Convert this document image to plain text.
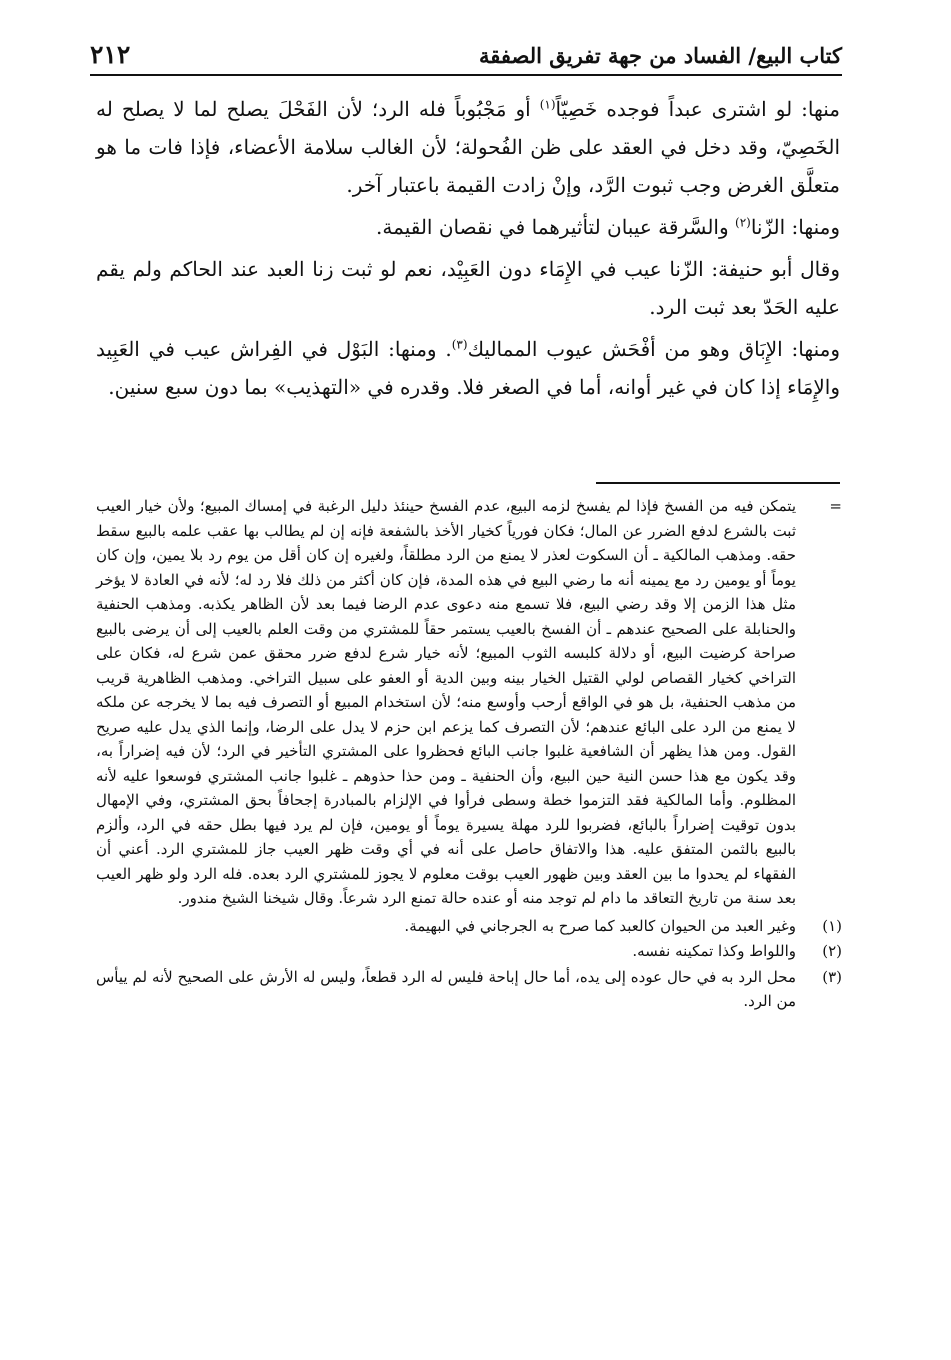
كتاب البيع/ الفساد من جهة تفريق الصفقة
٢١٢

منها: لو اشترى عبداً فوجده خَصِيّاً$^{(١)}$ أو مَجْبُوباً فله الرد؛ لأن الفَحْلَ يصلح لما لا يصلح له الخَصِيّ، وقد دخل في العقد على ظن الفُحولة؛ لأن الغالب سلامة الأعضاء، فإذا فات ما هو متعلَّق الغرض وجب ثبوت الرَّد، وإنْ زادت القيمة باعتبار آخر.

ومنها: الزّنا$^{(٢)}$ والسَّرقة عيبان لتأثيرهما في نقصان القيمة.

وقال أبو حنيفة: الزّنا عيب في الإِمَاء دون العَبِيْد، نعم لو ثبت زنا العبد عند الحاكم ولم يقم عليه الحَدّ بعد ثبت الرد.

ومنها: الإِبَاق وهو من أفْحَش عيوب المماليك$^{(٣)}$. ومنها: البَوْل في الفِراش عيب في العَبِيد والإِمَاء إذا كان في غير أوانه، أما في الصغر فلا. وقدره في «التهذيب» بما دون سبع سنين.

=
يتمكن فيه من الفسخ فإذا لم يفسخ لزمه البيع، عدم الفسخ حينئذ دليل الرغبة في إمساك المبيع؛ ولأن خيار العيب ثبت بالشرع لدفع الضرر عن المال؛ فكان فورياً كخيار الأخذ بالشفعة فإنه إن لم يطالب بها عقب علمه بالبيع سقط حقه. ومذهب المالكية ـ أن السكوت لعذر لا يمنع من الرد مطلقاً، ولغيره إن كان أقل من يوم رد بلا يمين، وإن كان يوماً أو يومين رد مع يمينه أنه ما رضي البيع في هذه المدة، فإن كان أكثر من ذلك فلا رد له؛ لأنه في العادة لا يؤخر مثل هذا الزمن إلا وقد رضي البيع، فلا تسمع منه دعوى عدم الرضا فيما بعد لأن الظاهر يكذبه. ومذهب الحنفية والحنابلة على الصحيح عندهم ـ أن الفسخ بالعيب يستمر حقاً للمشتري من وقت العلم بالعيب إلى أن يرضى بالبيع صراحة كرضيت البيع، أو دلالة كلبسه الثوب المبيع؛ لأنه خيار شرع لدفع ضرر محقق عمن شرع له، فكان على التراخي كخيار القصاص لولي القتيل الخيار بينه وبين الدية أو العفو على سبيل التراخي. ومذهب الظاهرية قريب من مذهب الحنفية، بل هو في الواقع أرحب وأوسع منه؛ لأن استخدام المبيع أو التصرف فيه بما لا يخرجه عن ملكه لا يمنع من الرد على البائع عندهم؛ لأن التصرف كما يزعم ابن حزم لا يدل على الرضا، وإنما الذي يدل عليه صريح القول. ومن هذا يظهر أن الشافعية غلبوا جانب البائع فحظروا على المشتري التأخير في الرد؛ لأن فيه إضراراً به، وقد يكون مع هذا حسن النية حين البيع، وأن الحنفية ـ ومن حذا حذوهم ـ غلبوا جانب المشتري فوسعوا عليه لأنه المظلوم. وأما المالكية فقد التزموا خطة وسطى فرأوا في الإلزام بالمبادرة إجحافاً بحق المشتري، وفي الإمهال بدون توقيت إضراراً بالبائع، فضربوا للرد مهلة يسيرة يوماً أو يومين، فإن لم يرد فيها بطل حقه في الرد، وألزم بالبيع بالثمن المتفق عليه. هذا والاتفاق حاصل على أنه في أي وقت ظهر العيب جاز للمشتري الرد. أعني أن الفقهاء لم يحدوا ما بين العقد وبين ظهور العيب بوقت معلوم لا يجوز للمشتري الرد بعده. فله الرد ولو ظهر العيب بعد سنة من تاريخ التعاقد ما دام لم توجد منه أو عنده حالة تمنع الرد شرعاً. وقال شيخنا الشيخ مندور.
(١)
وغير العبد من الحيوان كالعبد كما صرح به الجرجاني في البهيمة.
(٢)
واللواط وكذا تمكينه نفسه.
(٣)
محل الرد به في حال عوده إلى يده، أما حال إباحة فليس له الرد قطعاً، وليس له الأرش على الصحيح لأنه لم ييأس من الرد.
